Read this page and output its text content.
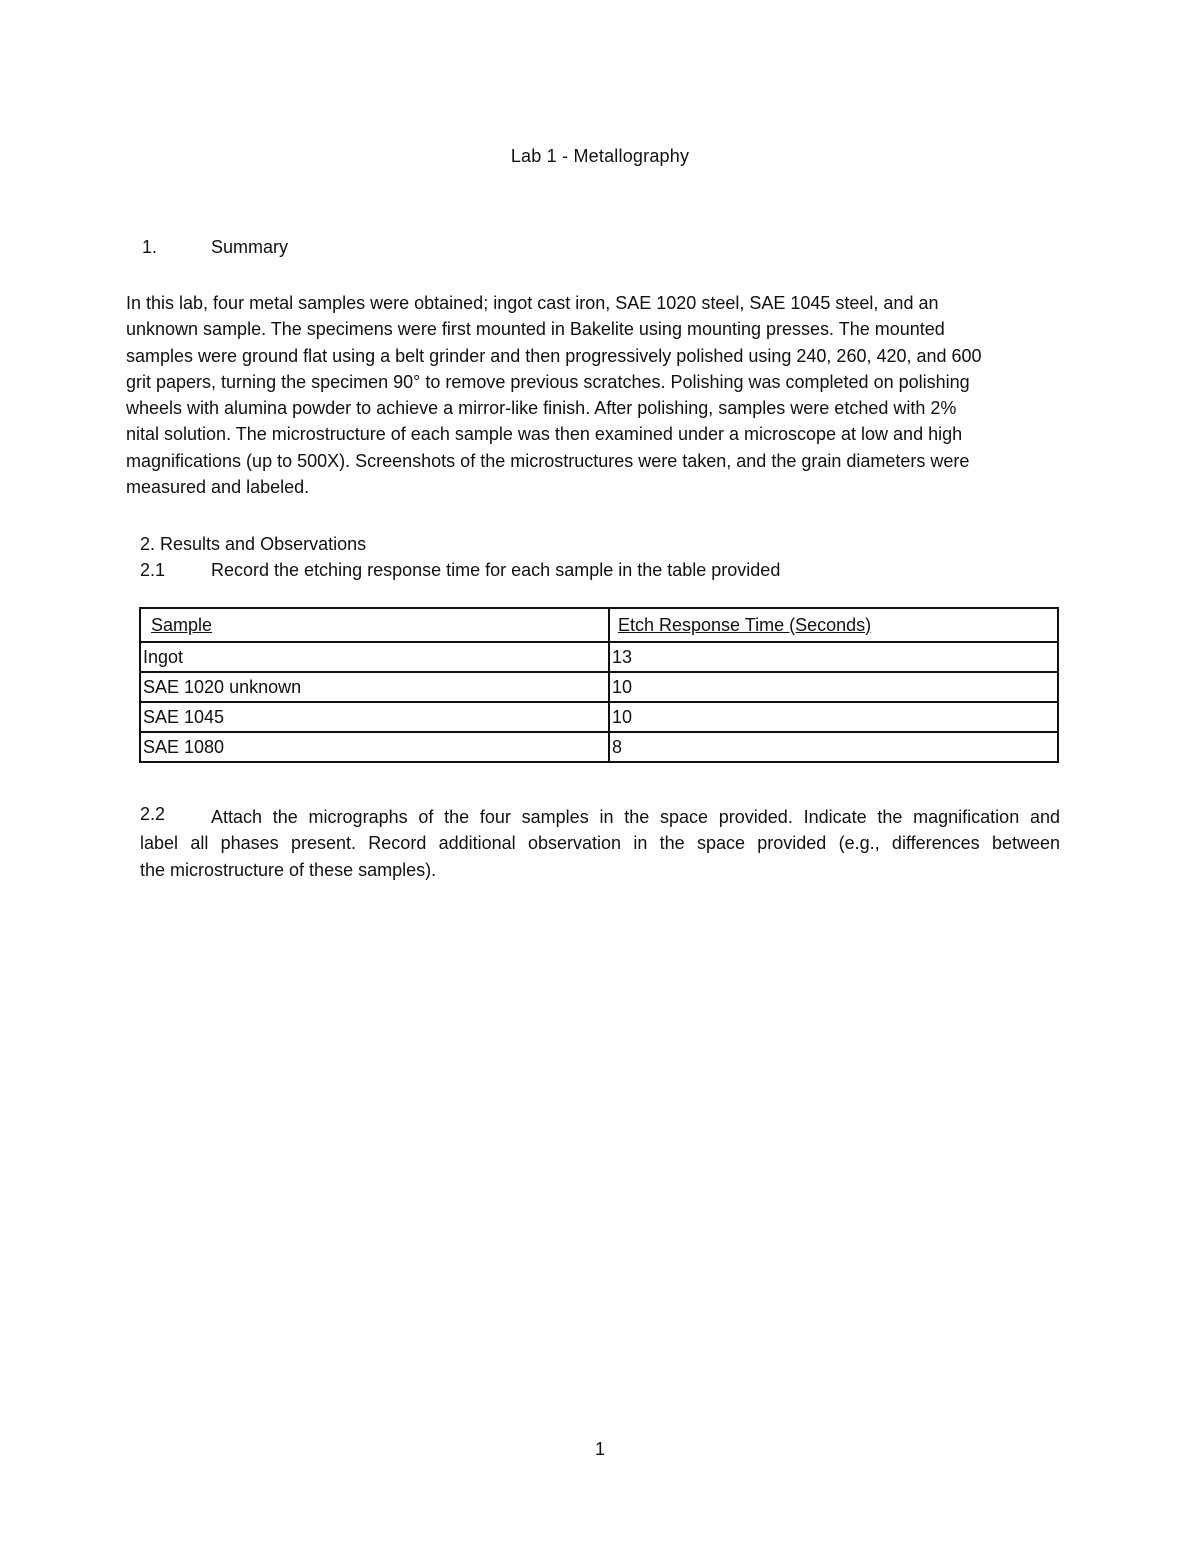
Lab 1 - Metallography
1.	Summary
In this lab, four metal samples were obtained; ingot cast iron, SAE 1020 steel, SAE 1045 steel, and an
unknown sample. The specimens were first mounted in Bakelite using mounting presses. The mounted
samples were ground flat using a belt grinder and then progressively polished using 240, 260, 420, and 600
grit papers, turning the specimen 90° to remove previous scratches. Polishing was completed on polishing
wheels with alumina powder to achieve a mirror-like finish. After polishing, samples were etched with 2%
nital solution. The microstructure of each sample was then examined under a microscope at low and high
magnifications (up to 500X). Screenshots of the microstructures were taken, and the grain diameters were
measured and labeled.
2. Results and Observations
2.1	Record the etching response time for each sample in the table provided
Sample	Etch Response Time (Seconds)
Ingot	13
SAE 1020 unknown	10
SAE 1045	10
SAE 1080	8
2.2	Attach the micrographs of the four samples in the space provided. Indicate the magnification and
label all phases present. Record additional observation in the space provided (e.g., differences between
the microstructure of these samples).
1
